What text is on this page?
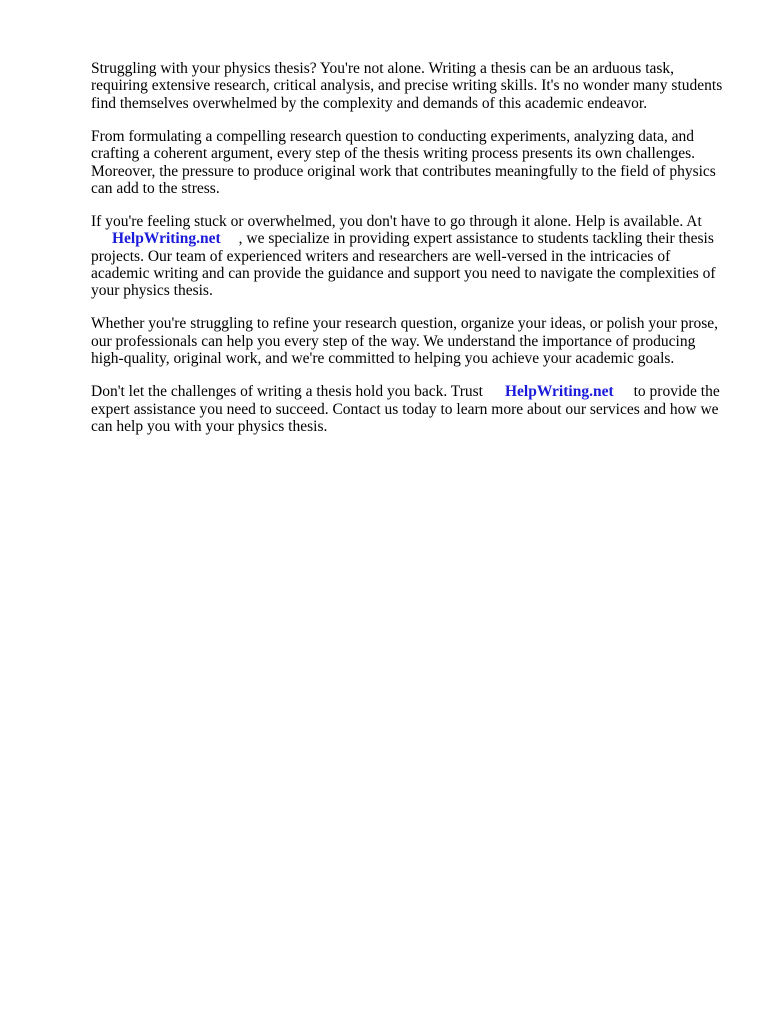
Struggling with your physics thesis? You're not alone. Writing a thesis can be an arduous task, requiring extensive research, critical analysis, and precise writing skills. It's no wonder many students find themselves overwhelmed by the complexity and demands of this academic endeavor.

From formulating a compelling research question to conducting experiments, analyzing data, and crafting a coherent argument, every step of the thesis writing process presents its own challenges. Moreover, the pressure to produce original work that contributes meaningfully to the field of physics can add to the stress.

If you're feeling stuck or overwhelmed, you don't have to go through it alone. Help is available. At
HelpWriting.net , we specialize in providing expert assistance to students tackling their thesis projects. Our team of experienced writers and researchers are well-versed in the intricacies of academic writing and can provide the guidance and support you need to navigate the complexities of your physics thesis.

Whether you're struggling to refine your research question, organize your ideas, or polish your prose, our professionals can help you every step of the way. We understand the importance of producing high-quality, original work, and we're committed to helping you achieve your academic goals.

Don't let the challenges of writing a thesis hold you back. Trust HelpWriting.net to provide the expert assistance you need to succeed. Contact us today to learn more about our services and how we can help you with your physics thesis.
